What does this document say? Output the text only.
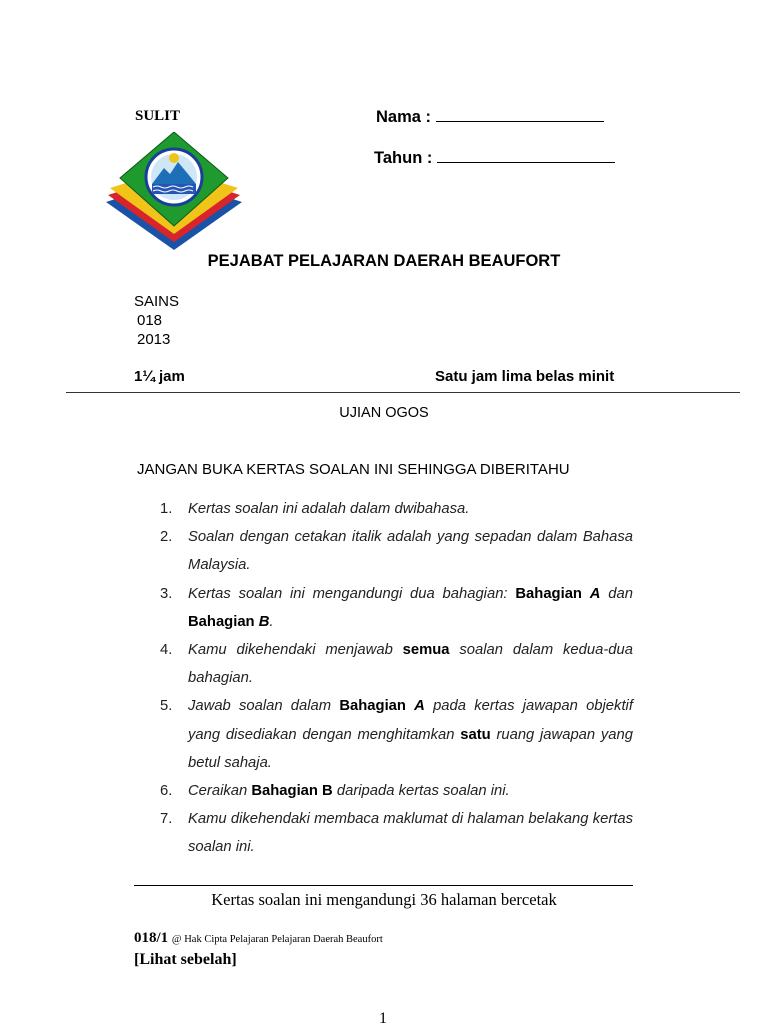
SULIT	Nama :
Tahun :
PEJABAT PELAJARAN DAERAH BEAUFORT
SAINS
018
2013
1¼ jam	Satu jam lima belas minit
UJIAN OGOS
JANGAN BUKA KERTAS SOALAN INI SEHINGGA DIBERITAHU
1. Kertas soalan ini adalah dalam dwibahasa.
2. Soalan dengan cetakan italik adalah yang sepadan dalam Bahasa Malaysia.
3. Kertas soalan ini mengandungi dua bahagian: Bahagian A dan Bahagian B.
4. Kamu dikehendaki menjawab semua soalan dalam kedua-dua bahagian.
5. Jawab soalan dalam Bahagian A pada kertas jawapan objektif yang disediakan dengan menghitamkan satu ruang jawapan yang betul sahaja.
6. Ceraikan Bahagian B daripada kertas soalan ini.
7. Kamu dikehendaki membaca maklumat di halaman belakang kertas soalan ini.
Kertas soalan ini mengandungi 36 halaman bercetak
018/1 @ Hak Cipta Pelajaran Pelajaran Daerah Beaufort
[Lihat sebelah]
1
